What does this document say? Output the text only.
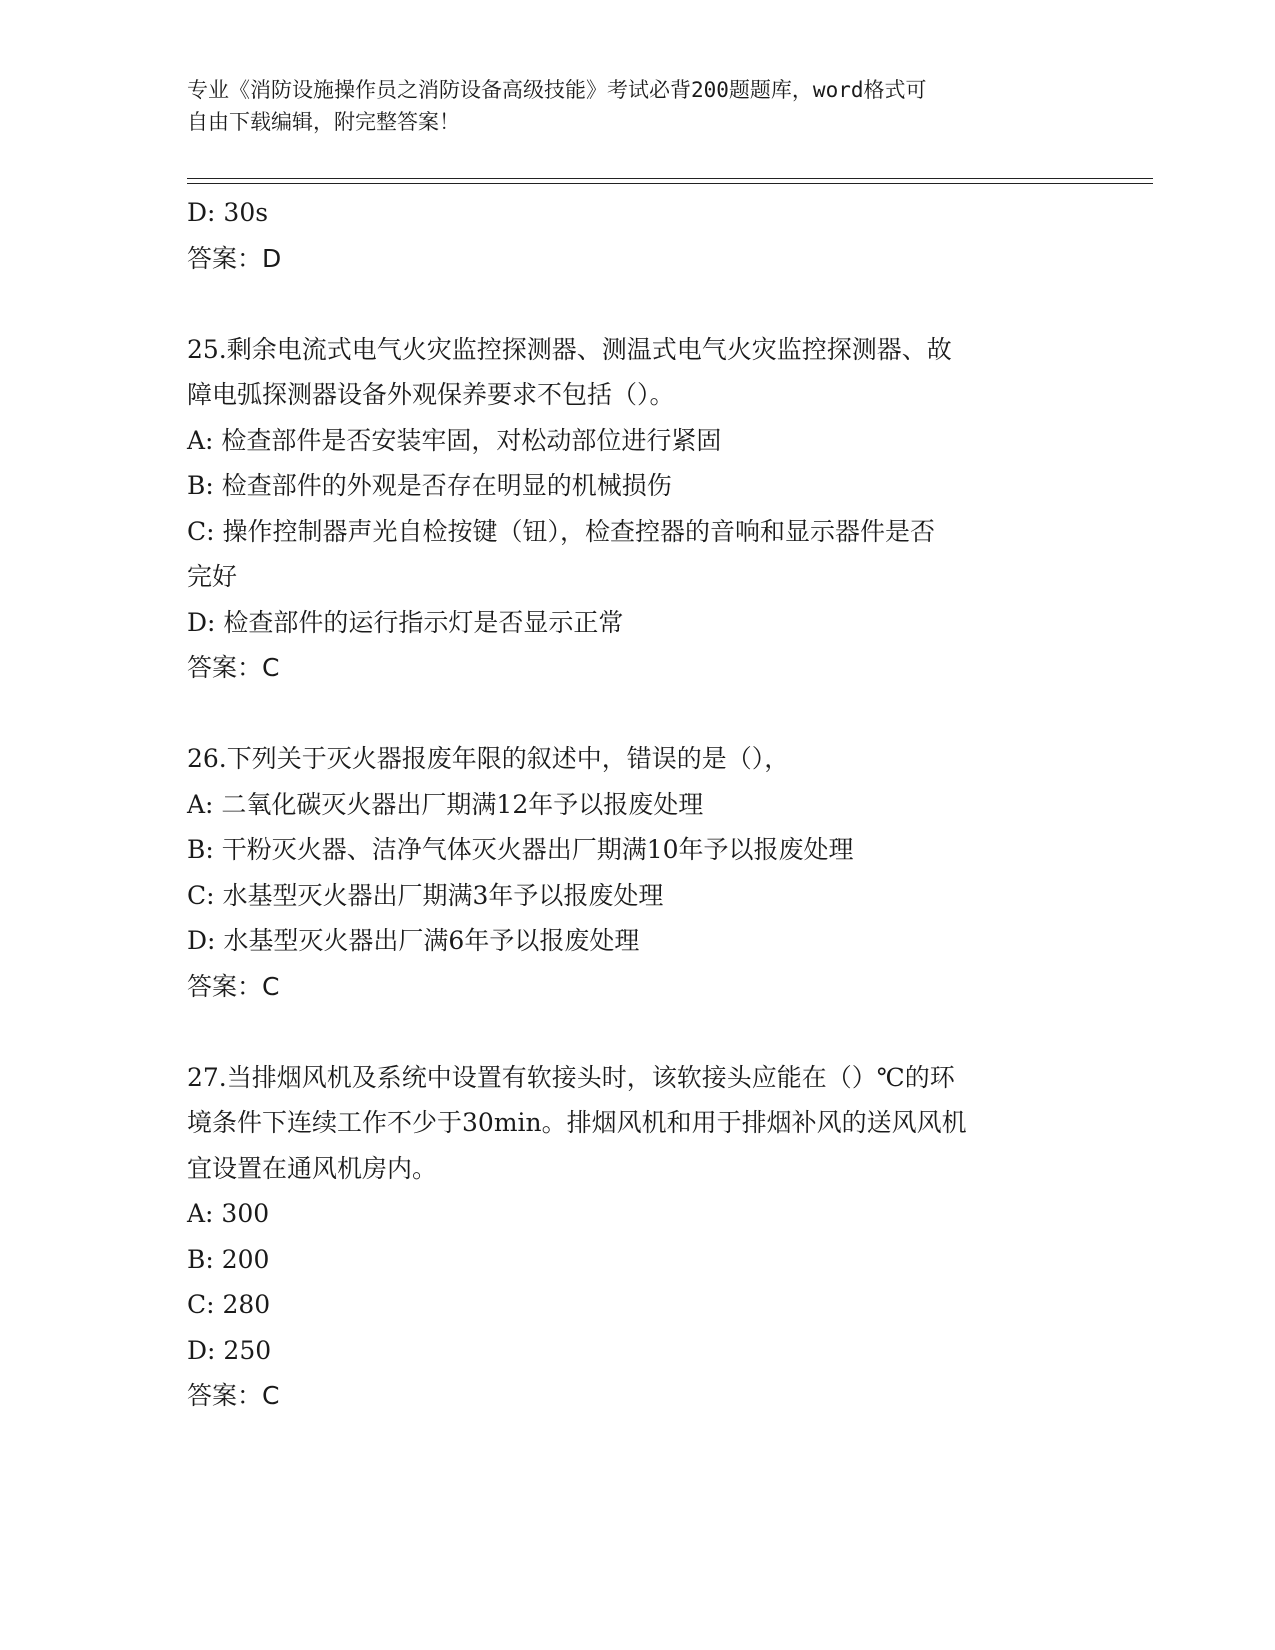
专业《消防设施操作员之消防设备高级技能》考试必背200题题库，word格式可
自由下载编辑，附完整答案！

D: 30s

答案：D

25.剩余电流式电气火灾监控探测器、测温式电气火灾监控探测器、故

障电弧探测器设备外观保养要求不包括（）。

A: 检查部件是否安装牢固，对松动部位进行紧固

B: 检查部件的外观是否存在明显的机械损伤

C: 操作控制器声光自检按键（钮），检查控器的音响和显示器件是否

完好

D: 检查部件的运行指示灯是否显示正常

答案：C

26.下列关于灭火器报废年限的叙述中，错误的是（），

A: 二氧化碳灭火器出厂期满12年予以报废处理

B: 干粉灭火器、洁净气体灭火器出厂期满10年予以报废处理

C: 水基型灭火器出厂期满3年予以报废处理

D: 水基型灭火器出厂满6年予以报废处理

答案：C

27.当排烟风机及系统中设置有软接头时，该软接头应能在（）℃的环

境条件下连续工作不少于30min。排烟风机和用于排烟补风的送风风机

宜设置在通风机房内。

A: 300

B: 200

C: 280

D: 250

答案：C
